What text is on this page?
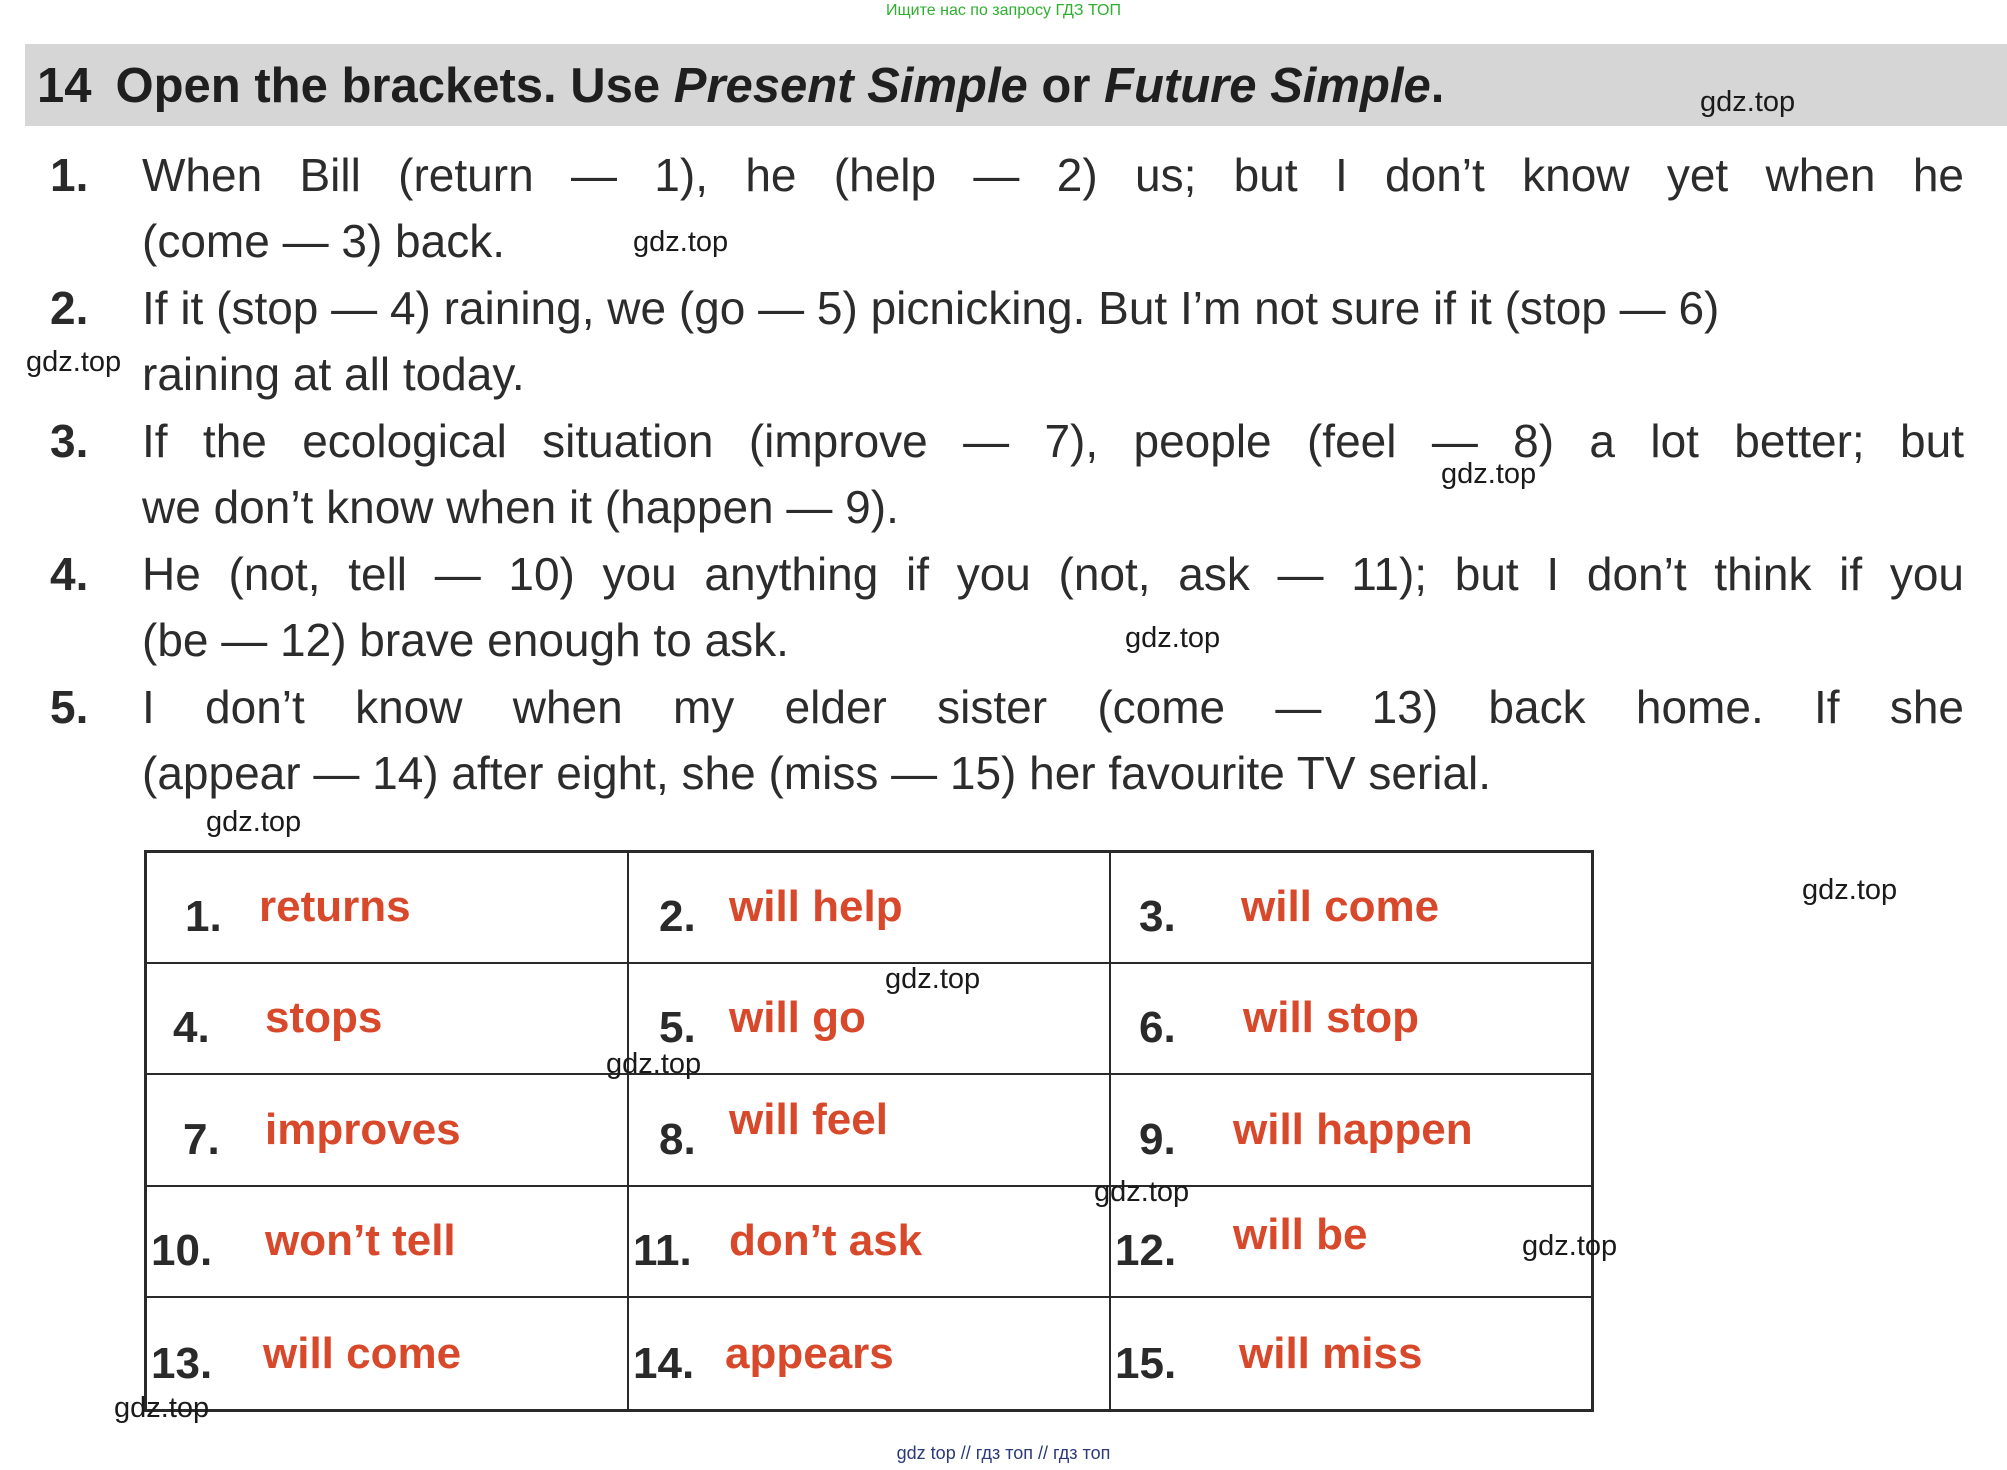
Ищите нас по запросу ГДЗ ТОП
14 Open the brackets. Use Present Simple or Future Simple.
1. When Bill (return — 1), he (help — 2) us; but I don’t know yet when he
(come — 3) back.
2. If it (stop — 4) raining, we (go — 5) picnicking. But I’m not sure if it (stop — 6)
raining at all today.
3. If the ecological situation (improve — 7), people (feel — 8) a lot better; but
we don’t know when it (happen — 9).
4. He (not, tell — 10) you anything if you (not, ask — 11); but I don’t think if you
(be — 12) brave enough to ask.
5. I don’t know when my elder sister (come — 13) back home. If she
(appear — 14) after eight, she (miss — 15) her favourite TV serial.
1. returns	2. will help	3. will come
4. stops	5. will go	6. will stop
7. improves	8. will feel	9. will happen
10. won’t tell	11. don’t ask	12. will be
13. will come	14. appears	15. will miss
gdz.top
gdz.top
gdz.top
gdz.top
gdz.top
gdz.top
gdz.top
gdz.top
gdz.top
gdz.top
gdz.top
gdz.top
gdz top // гдз топ // гдз топ
